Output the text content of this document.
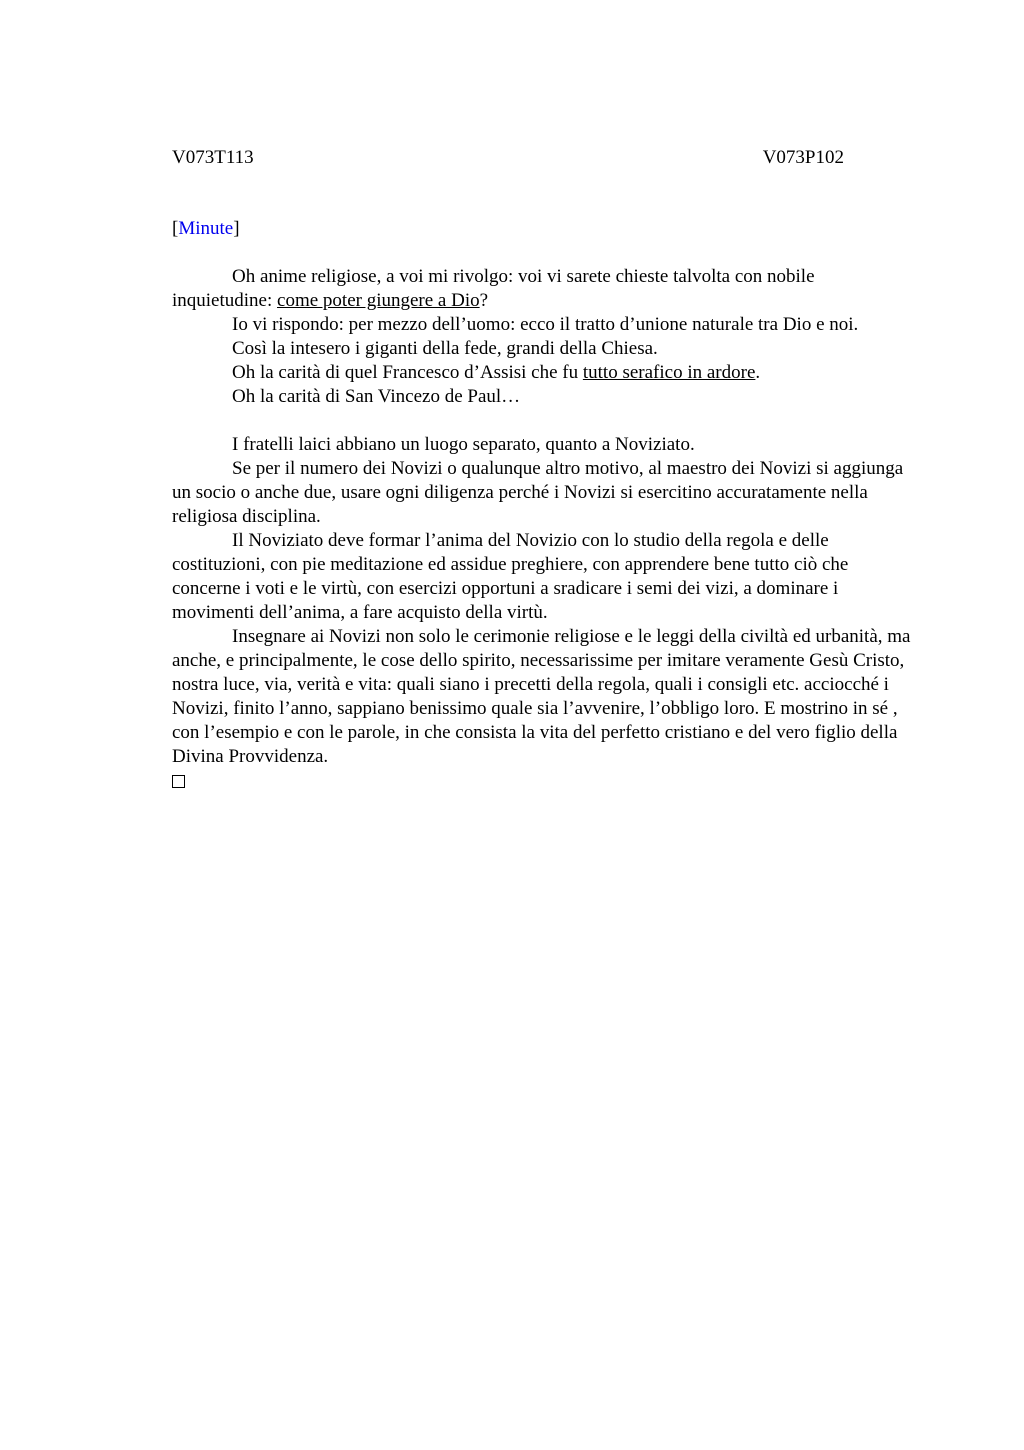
V073T113	V073P102
[Minute]

Oh anime religiose, a voi mi rivolgo: voi vi sarete chieste talvolta con nobile inquietudine: come poter giungere a Dio?

Io vi rispondo: per mezzo dell’uomo: ecco il tratto d’unione naturale tra Dio e noi.

Così la intesero i giganti della fede, grandi della Chiesa.

Oh la carità di quel Francesco d’Assisi che fu tutto serafico in ardore.

Oh la carità di San Vincezo de Paul…

I fratelli laici abbiano un luogo separato, quanto a Noviziato.

Se per il numero dei Novizi o qualunque altro motivo, al maestro dei Novizi si aggiunga un socio o anche due, usare ogni diligenza perché i Novizi si esercitino accuratamente nella religiosa disciplina.

Il Noviziato deve formar l’anima del Novizio con lo studio della regola e delle costituzioni, con pie meditazione ed assidue preghiere, con apprendere bene tutto ciò che concerne i voti e le virtù, con esercizi opportuni a sradicare i semi dei vizi, a dominare i movimenti dell’anima, a fare acquisto della virtù.

Insegnare ai Novizi non solo le cerimonie religiose e le leggi della civiltà ed urbanità, ma anche, e principalmente, le cose dello spirito, necessarissime per imitare veramente Gesù Cristo, nostra luce, via, verità e vita: quali siano i precetti della regola, quali i consigli etc. acciocché i Novizi, finito l’anno, sappiano benissimo quale sia l’avvenire, l’obbligo loro. E mostrino in sé , con l’esempio e con le parole, in che consista la vita del perfetto cristiano e del vero figlio della Divina Provvidenza.
